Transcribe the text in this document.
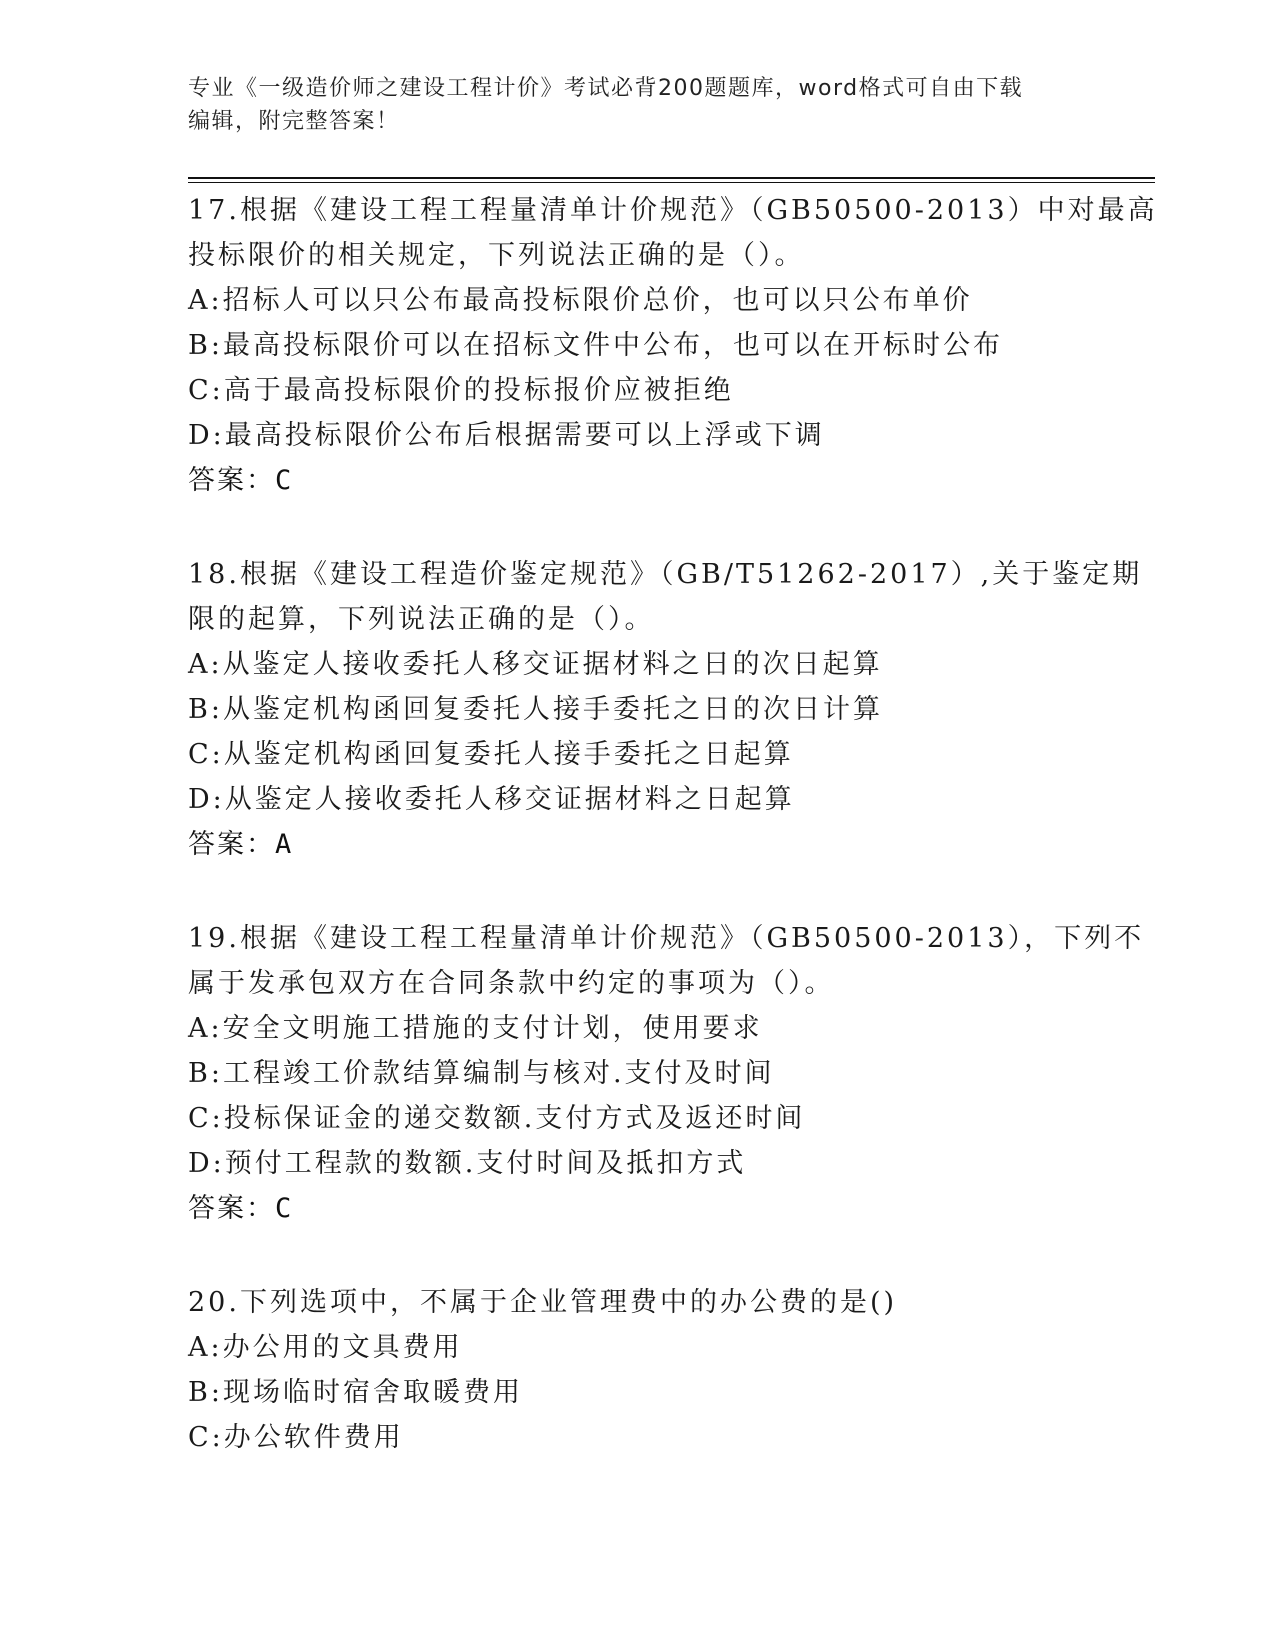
专业《一级造价师之建设工程计价》考试必背200题题库，word格式可自由下载
编辑，附完整答案！
17.根据《建设工程工程量清单计价规范》（GB50500-2013）中对最高
投标限价的相关规定，下列说法正确的是（）。
A: 招标人可以只公布最高投标限价总价，也可以只公布单价
B: 最高投标限价可以在招标文件中公布，也可以在开标时公布
C: 高于最高投标限价的投标报价应被拒绝
D: 最高投标限价公布后根据需要可以上浮或下调
答案： C
18.根据《建设工程造价鉴定规范》（GB/T51262-2017）,关于鉴定期
限的起算，下列说法正确的是（）。
A: 从鉴定人接收委托人移交证据材料之日的次日起算
B: 从鉴定机构函回复委托人接手委托之日的次日计算
C: 从鉴定机构函回复委托人接手委托之日起算
D: 从鉴定人接收委托人移交证据材料之日起算
答案： A
19.根据《建设工程工程量清单计价规范》（GB50500-2013），下列不
属于发承包双方在合同条款中约定的事项为（）。
A: 安全文明施工措施的支付计划，使用要求
B: 工程竣工价款结算编制与核对.支付及时间
C: 投标保证金的递交数额.支付方式及返还时间
D: 预付工程款的数额.支付时间及抵扣方式
答案： C
20.下列选项中，不属于企业管理费中的办公费的是()
A: 办公用的文具费用
B: 现场临时宿舍取暖费用
C: 办公软件费用
